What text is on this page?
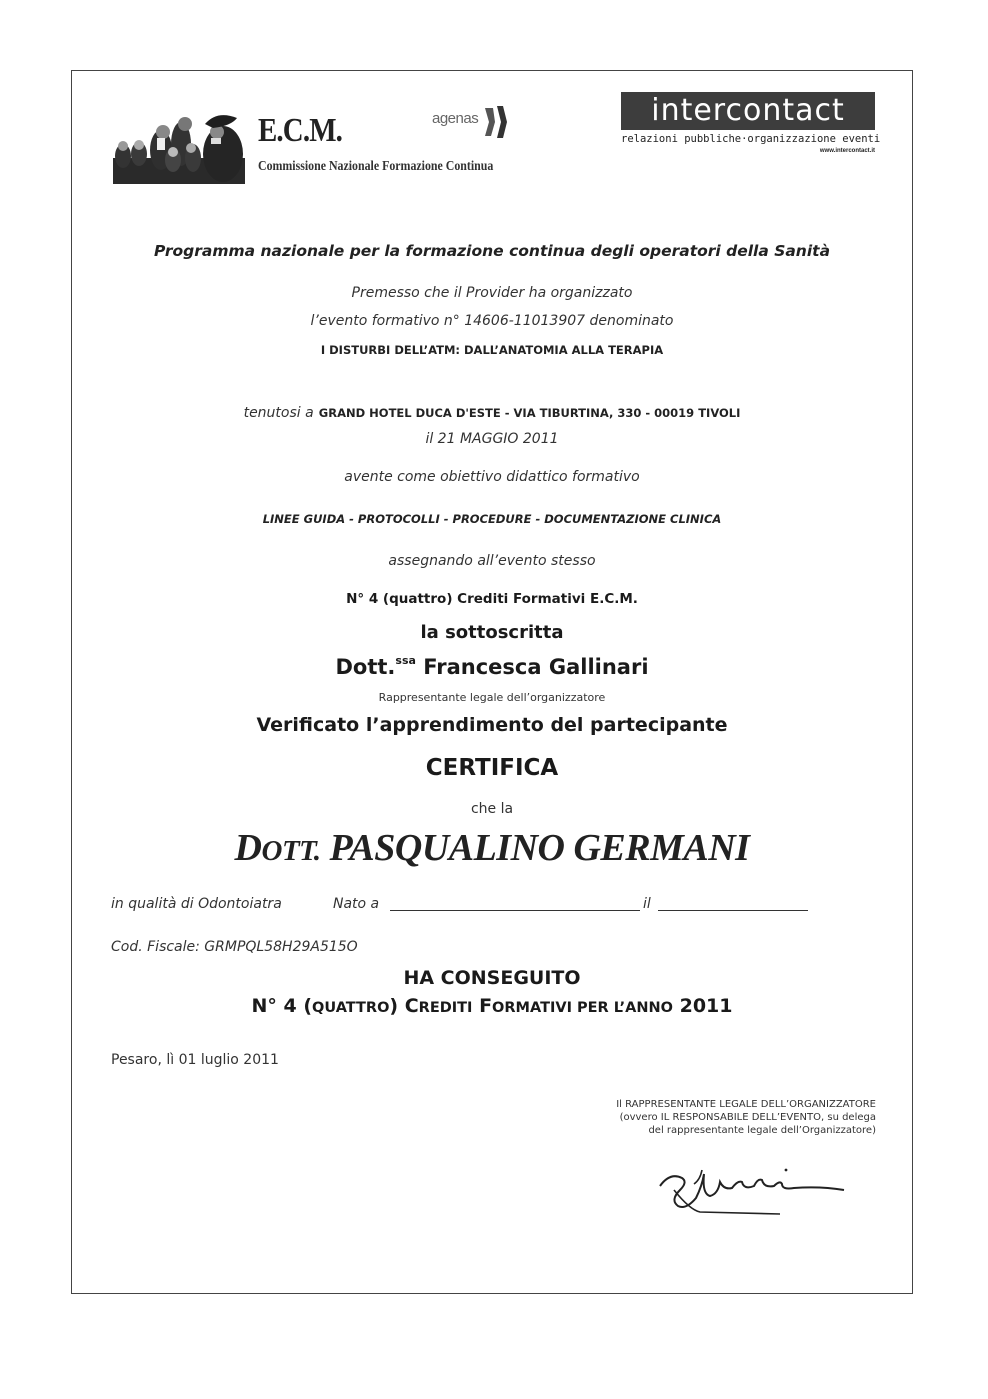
E.C.M.
Commissione Nazionale Formazione Continua
agenas	intercontact
relazioni pubbliche·organizzazione eventi
www.intercontact.it
Programma nazionale per la formazione continua degli operatori della Sanità
Premesso che il Provider ha organizzato
l’evento formativo n° 14606-11013907 denominato
I DISTURBI DELL’ATM: DALL’ANATOMIA ALLA TERAPIA
tenutosi a GRAND HOTEL DUCA D'ESTE - VIA TIBURTINA, 330 - 00019 TIVOLI
il 21 MAGGIO 2011
avente come obiettivo didattico formativo
LINEE GUIDA - PROTOCOLLI - PROCEDURE - DOCUMENTAZIONE CLINICA
assegnando all’evento stesso
N° 4 (quattro) Crediti Formativi E.C.M.
la sottoscritta
Dott.$^{ssa}$ Francesca Gallinari
Rappresentante legale dell’organizzatore
Verificato l’apprendimento del partecipante
CERTIFICA
che la
DOTT. PASQUALINO GERMANI
in qualità di Odontoiatra	Nato a	il
Cod. Fiscale: GRMPQL58H29A515O
HA CONSEGUITO
N° 4 (QUATTRO) CREDITI FORMATIVI PER L’ANNO 2011
Pesaro, lì 01 luglio 2011
Il RAPPRESENTANTE LEGALE DELL’ORGANIZZATORE
(ovvero IL RESPONSABILE DELL’EVENTO, su delega
del rappresentante legale dell’Organizzatore)
